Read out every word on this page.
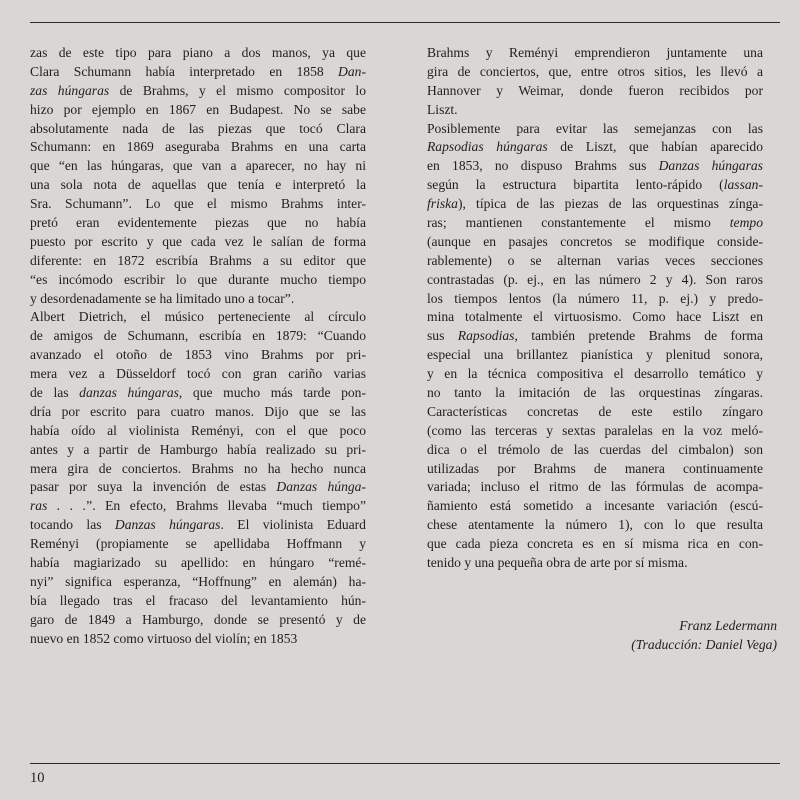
zas de este tipo para piano a dos manos, ya que
Clara Schumann había interpretado en 1858 Dan-
zas húngaras de Brahms, y el mismo compositor lo
hizo por ejemplo en 1867 en Budapest. No se sabe
absolutamente nada de las piezas que tocó Clara
Schumann: en 1869 aseguraba Brahms en una carta
que “en las húngaras, que van a aparecer, no hay ni
una sola nota de aquellas que tenía e interpretó la
Sra. Schumann”. Lo que el mismo Brahms inter-
pretó eran evidentemente piezas que no había
puesto por escrito y que cada vez le salían de forma
diferente: en 1872 escribía Brahms a su editor que
“es incómodo escribir lo que durante mucho tiempo
y desordenadamente se ha limitado uno a tocar”.
Albert Dietrich, el músico perteneciente al círculo
de amigos de Schumann, escribía en 1879: “Cuando
avanzado el otoño de 1853 vino Brahms por pri-
mera vez a Düsseldorf tocó con gran cariño varias
de las danzas húngaras, que mucho más tarde pon-
dría por escrito para cuatro manos. Dijo que se las
había oído al violinista Reményi, con el que poco
antes y a partir de Hamburgo había realizado su pri-
mera gira de conciertos. Brahms no ha hecho nunca
pasar por suya la invención de estas Danzas húnga-
ras . . .”. En efecto, Brahms llevaba “much tiempo”
tocando las Danzas húngaras. El violinista Eduard
Reményi (propiamente se apellidaba Hoffmann y
había magiarizado su apellido: en húngaro “remé-
nyi” significa esperanza, “Hoffnung” en alemán) ha-
bía llegado tras el fracaso del levantamiento hún-
garo de 1849 a Hamburgo, donde se presentó y de
nuevo en 1852 como virtuoso del violín; en 1853
Brahms y Reményi emprendieron juntamente una
gira de conciertos, que, entre otros sitios, les llevó a
Hannover y Weimar, donde fueron recibidos por
Liszt.
Posiblemente para evitar las semejanzas con las
Rapsodias húngaras de Liszt, que habían aparecido
en 1853, no dispuso Brahms sus Danzas húngaras
según la estructura bipartita lento-rápido (lassan-
friska), típica de las piezas de las orquestinas zínga-
ras; mantienen constantemente el mismo tempo
(aunque en pasajes concretos se modifique conside-
rablemente) o se alternan varias veces secciones
contrastadas (p. ej., en las número 2 y 4). Son raros
los tiempos lentos (la número 11, p. ej.) y predo-
mina totalmente el virtuosismo. Como hace Liszt en
sus Rapsodias, también pretende Brahms de forma
especial una brillantez pianística y plenitud sonora,
y en la técnica compositiva el desarrollo temático y
no tanto la imitación de las orquestinas zíngaras.
Características concretas de este estilo zíngaro
(como las terceras y sextas paralelas en la voz meló-
dica o el trémolo de las cuerdas del cimbalon) son
utilizadas por Brahms de manera continuamente
variada; incluso el ritmo de las fórmulas de acompa-
ñamiento está sometido a incesante variación (escú-
chese atentamente la número 1), con lo que resulta
que cada pieza concreta es en sí misma rica en con-
tenido y una pequeña obra de arte por sí misma.
Franz Ledermann
(Traducción: Daniel Vega)
10
